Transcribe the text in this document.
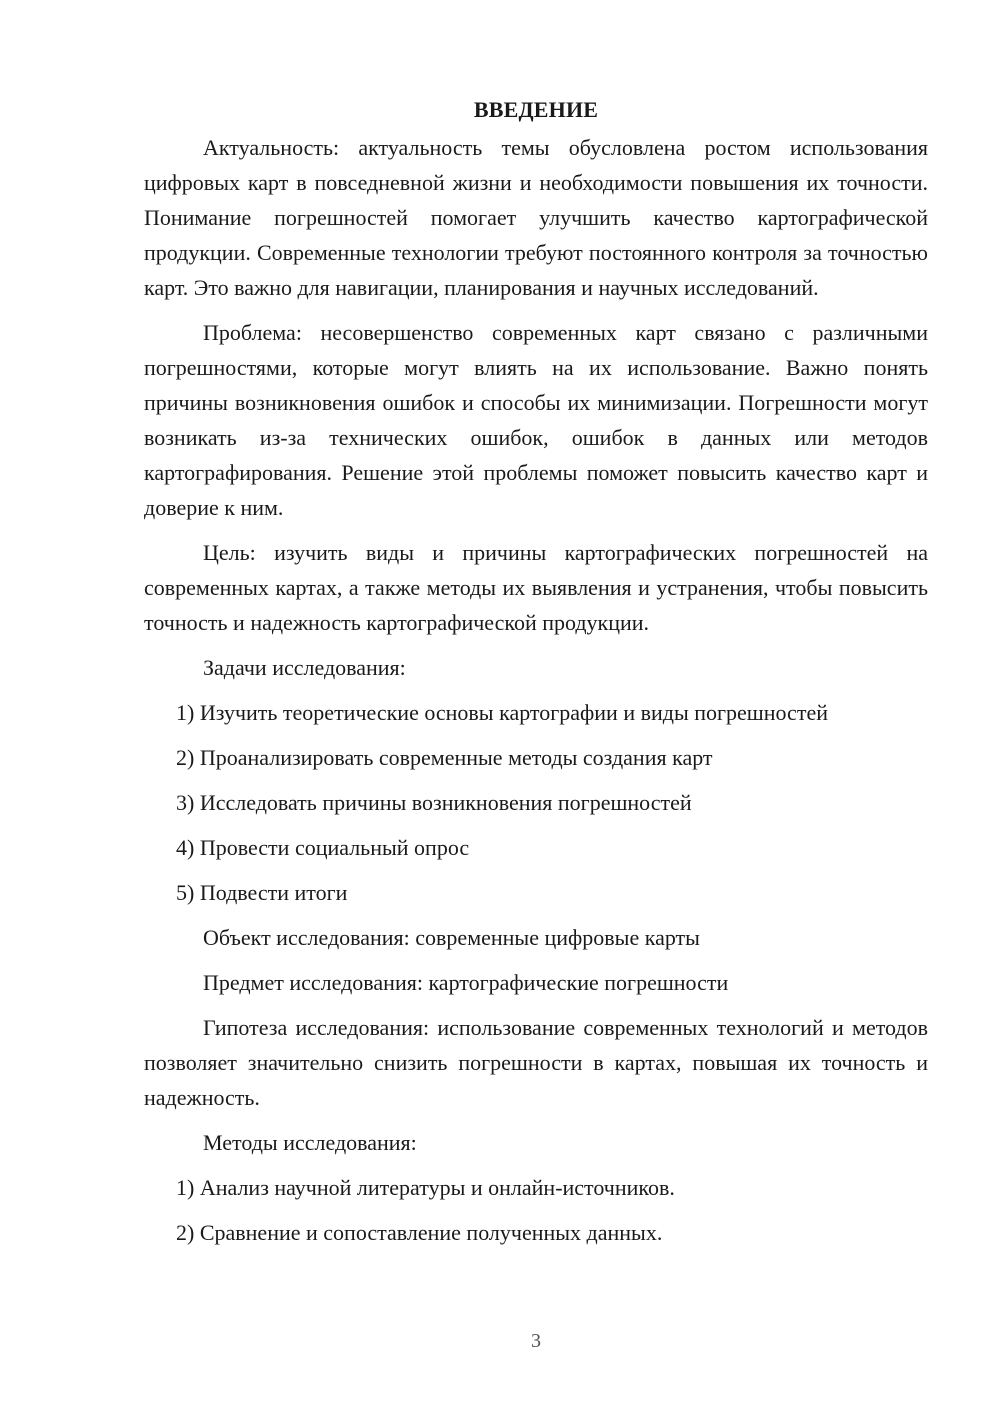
ВВЕДЕНИЕ

Актуальность: актуальность темы обусловлена ростом использования цифровых карт в повседневной жизни и необходимости повышения их точности. Понимание погрешностей помогает улучшить качество картографической продукции. Современные технологии требуют постоянного контроля за точностью карт. Это важно для навигации, планирования и научных исследований.

Проблема: несовершенство современных карт связано с различными погрешностями, которые могут влиять на их использование. Важно понять причины возникновения ошибок и способы их минимизации. Погрешности могут возникать из-за технических ошибок, ошибок в данных или методов картографирования. Решение этой проблемы поможет повысить качество карт и доверие к ним.

Цель: изучить виды и причины картографических погрешностей на современных картах, а также методы их выявления и устранения, чтобы повысить точность и надежность картографической продукции.

Задачи исследования:

1) Изучить теоретические основы картографии и виды погрешностей

2) Проанализировать современные методы создания карт

3) Исследовать причины возникновения погрешностей

4) Провести социальный опрос

5) Подвести итоги

Объект исследования: современные цифровые карты

Предмет исследования: картографические погрешности

Гипотеза исследования: использование современных технологий и методов позволяет значительно снизить погрешности в картах, повышая их точность и надежность.

Методы исследования:

1) Анализ научной литературы и онлайн-источников.

2) Сравнение и сопоставление полученных данных.

3
